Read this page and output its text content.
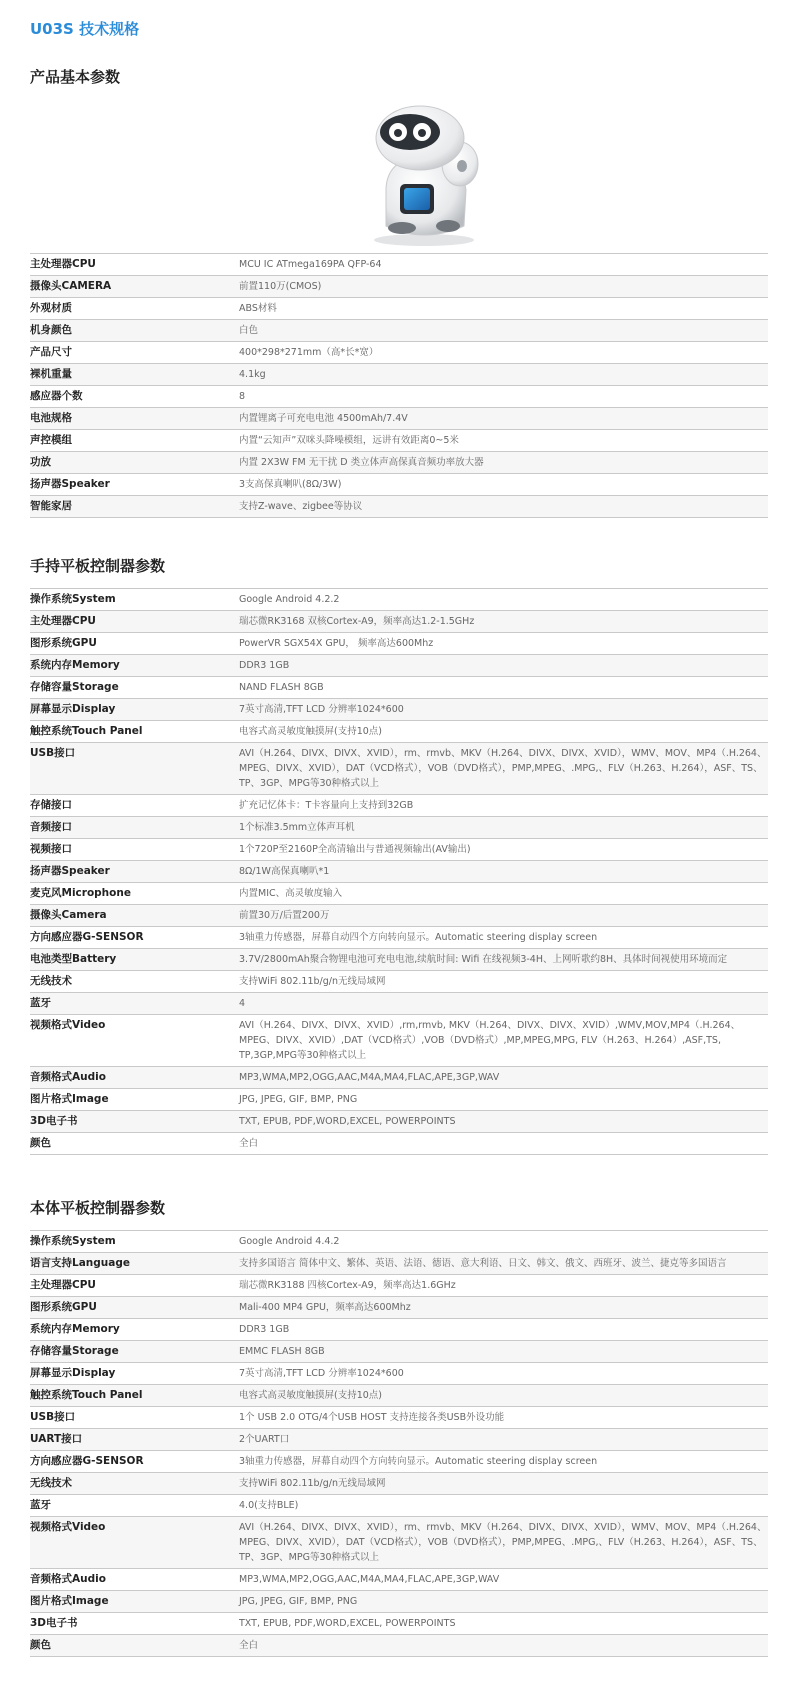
U03S 技术规格
产品基本参数
主处理器CPU	MCU IC ATmega169PA QFP-64
摄像头CAMERA	前置110万(CMOS)
外观材质	ABS材料
机身颜色	白色
产品尺寸	400*298*271mm（高*长*宽）
裸机重量	4.1kg
感应器个数	8
电池规格	内置锂离子可充电电池 4500mAh/7.4V
声控模组	内置“云知声”双咪头降噪模组，远讲有效距离0~5米
功放	内置 2X3W FM 无干扰 D 类立体声高保真音频功率放大器
扬声器Speaker	3支高保真喇叭(8Ω/3W)
智能家居	支持Z-wave、zigbee等协议
手持平板控制器参数
操作系统System	Google Android 4.2.2
主处理器CPU	瑞芯微RK3168 双核Cortex-A9，频率高达1.2-1.5GHz
图形系统GPU	PowerVR SGX54X GPU， 频率高达600Mhz
系统内存Memory	DDR3 1GB
存储容量Storage	NAND FLASH 8GB
屏幕显示Display	7英寸高清,TFT LCD 分辨率1024*600
触控系统Touch Panel	电容式高灵敏度触摸屏(支持10点)
USB接口	AVI（H.264、DIVX、DIVX、XVID），rm、rmvb、MKV（H.264、DIVX、DIVX、XVID），WMV、MOV、MP4（.H.264、MPEG、DIVX、XVID），DAT（VCD格式），VOB（DVD格式），PMP,MPEG、.MPG,、FLV（H.263、H.264），ASF、TS、TP、3GP、MPG等30种格式以上
存储接口	扩充记忆体卡：T卡容量向上支持到32GB
音频接口	1个标准3.5mm立体声耳机
视频接口	1个720P至2160P全高清输出与普通视频输出(AV输出)
扬声器Speaker	8Ω/1W高保真喇叭*1
麦克风Microphone	内置MIC、高灵敏度输入
摄像头Camera	前置30万/后置200万
方向感应器G-SENSOR	3轴重力传感器，屏幕自动四个方向转向显示。Automatic steering display screen
电池类型Battery	3.7V/2800mAh聚合物锂电池可充电电池,续航时间: Wifi 在线视频3-4H、上网听歌约8H、具体时间视使用环境而定
无线技术	支持WiFi 802.11b/g/n无线局域网
蓝牙	4
视频格式Video	AVI（H.264、DIVX、DIVX、XVID）,rm,rmvb, MKV（H.264、DIVX、DIVX、XVID）,WMV,MOV,MP4（.H.264、MPEG、DIVX、XVID）,DAT（VCD格式）,VOB（DVD格式）,MP,MPEG,MPG, FLV（H.263、H.264）,ASF,TS, TP,3GP,MPG等30种格式以上
音频格式Audio	MP3,WMA,MP2,OGG,AAC,M4A,MA4,FLAC,APE,3GP,WAV
图片格式Image	JPG, JPEG, GIF, BMP, PNG
3D电子书	TXT, EPUB, PDF,WORD,EXCEL, POWERPOINTS
颜色	全白
本体平板控制器参数
操作系统System	Google Android 4.4.2
语言支持Language	支持多国语言 简体中文、繁体、英语、法语、德语、意大利语、日文、韩文、俄文、西班牙、波兰、捷克等多国语言
主处理器CPU	瑞芯微RK3188 四核Cortex-A9，频率高达1.6GHz
图形系统GPU	Mali-400 MP4 GPU，频率高达600Mhz
系统内存Memory	DDR3 1GB
存储容量Storage	EMMC FLASH 8GB
屏幕显示Display	7英寸高清,TFT LCD 分辨率1024*600
触控系统Touch Panel	电容式高灵敏度触摸屏(支持10点)
USB接口	1个 USB 2.0 OTG/4个USB HOST 支持连接各类USB外设功能
UART接口	2个UART口
方向感应器G-SENSOR	3轴重力传感器，屏幕自动四个方向转向显示。Automatic steering display screen
无线技术	支持WiFi 802.11b/g/n无线局域网
蓝牙	4.0(支持BLE)
视频格式Video	AVI（H.264、DIVX、DIVX、XVID），rm、rmvb、MKV（H.264、DIVX、DIVX、XVID），WMV、MOV、MP4（.H.264、MPEG、DIVX、XVID），DAT（VCD格式），VOB（DVD格式），PMP,MPEG、.MPG,、FLV（H.263、H.264），ASF、TS、TP、3GP、MPG等30种格式以上
音频格式Audio	MP3,WMA,MP2,OGG,AAC,M4A,MA4,FLAC,APE,3GP,WAV
图片格式Image	JPG, JPEG, GIF, BMP, PNG
3D电子书	TXT, EPUB, PDF,WORD,EXCEL, POWERPOINTS
颜色	全白
